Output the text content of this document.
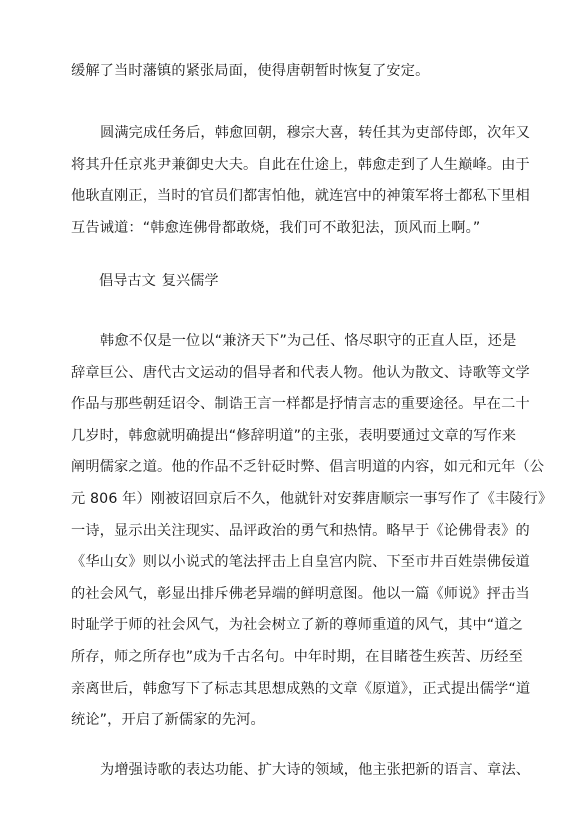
缓解了当时藩镇的紧张局面，使得唐朝暂时恢复了安定。

圆满完成任务后，韩愈回朝，穆宗大喜，转任其为吏部侍郎，次年又
将其升任京兆尹兼御史大夫。自此在仕途上，韩愈走到了人生巅峰。由于
他耿直刚正，当时的官员们都害怕他，就连宫中的神策军将士都私下里相
互告诫道：“韩愈连佛骨都敢烧，我们可不敢犯法，顶风而上啊。”

倡导古文 复兴儒学

韩愈不仅是一位以“兼济天下”为己任、恪尽职守的正直人臣，还是
辞章巨公、唐代古文运动的倡导者和代表人物。他认为散文、诗歌等文学
作品与那些朝廷诏令、制诰王言一样都是抒情言志的重要途径。早在二十
几岁时，韩愈就明确提出“修辞明道”的主张，表明要通过文章的写作来
阐明儒家之道。他的作品不乏针砭时弊、倡言明道的内容，如元和元年（公
元 806 年）刚被诏回京后不久，他就针对安葬唐顺宗一事写作了《丰陵行》
一诗，显示出关注现实、品评政治的勇气和热情。略早于《论佛骨表》的
《华山女》则以小说式的笔法抨击上自皇宫内院、下至市井百姓崇佛佞道
的社会风气，彰显出排斥佛老异端的鲜明意图。他以一篇《师说》抨击当
时耻学于师的社会风气，为社会树立了新的尊师重道的风气，其中“道之
所存，师之所存也”成为千古名句。中年时期，在目睹苍生疾苦、历经至
亲离世后，韩愈写下了标志其思想成熟的文章《原道》，正式提出儒学“道
统论”，开启了新儒家的先河。

为增强诗歌的表达功能、扩大诗的领域，他主张把新的语言、章法、
